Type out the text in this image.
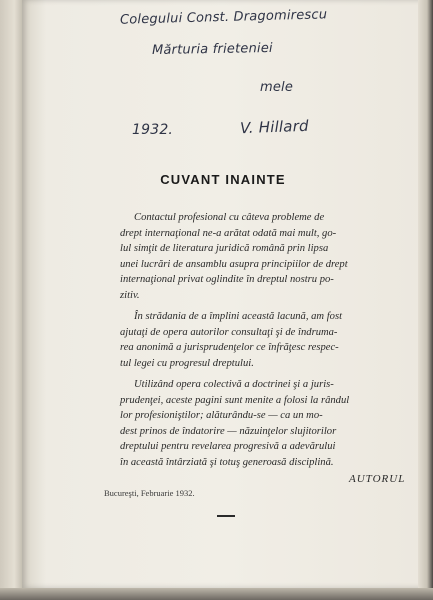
Colegului Const. Dragomirescu
Mărturia frieteniei
mele
1932.	V. Hillard
CUVANT INAINTE
Contactul profesional cu câteva probleme de
drept internaţional ne-a arătat odată mai mult, go-
lul simţit de literatura juridică română prin lipsa
unei lucrări de ansamblu asupra principiilor de drept
internaţional privat oglindite în dreptul nostru po-
zitiv.
În strădania de a împlini această lacună, am fost
ajutaţi de opera autorilor consultaţi şi de îndruma-
rea anonimă a jurisprudenţelor ce înfrăţesc respec-
tul legei cu progresul dreptului.
Utilizând opera colectivă a doctrinei şi a juris-
prudenţei, aceste pagini sunt menite a folosi la rândul
lor profesioniştilor; alăturându-se — ca un mo-
dest prinos de îndatorire — năzuinţelor slujitorilor
dreptului pentru revelarea progresivă a adevărului
în această întârziată şi totuş generoasă disciplină.
AUTORUL
Bucureşti, Februarie 1932.
